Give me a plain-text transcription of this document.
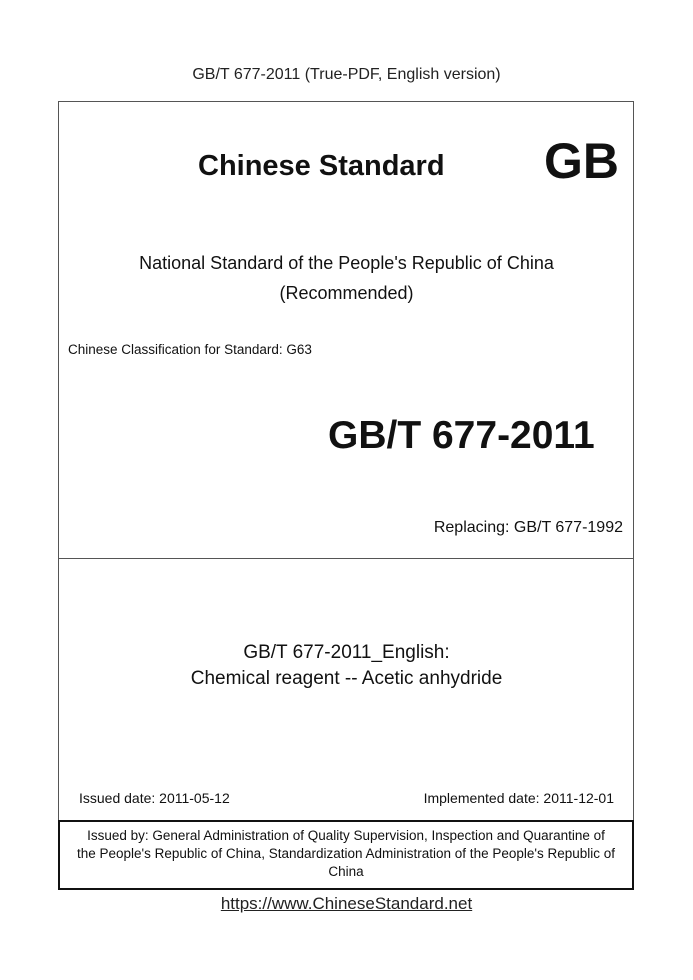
GB/T 677-2011 (True-PDF, English version)
Chinese Standard GB
National Standard of the People's Republic of China
(Recommended)
Chinese Classification for Standard: G63
GB/T 677-2011
Replacing: GB/T 677-1992
GB/T 677-2011_English:
Chemical reagent -- Acetic anhydride
Issued date: 2011-05-12	Implemented date: 2011-12-01
Issued by: General Administration of Quality Supervision, Inspection and Quarantine of
the People's Republic of China, Standardization Administration of the People's Republic of
China
https://www.ChineseStandard.net
